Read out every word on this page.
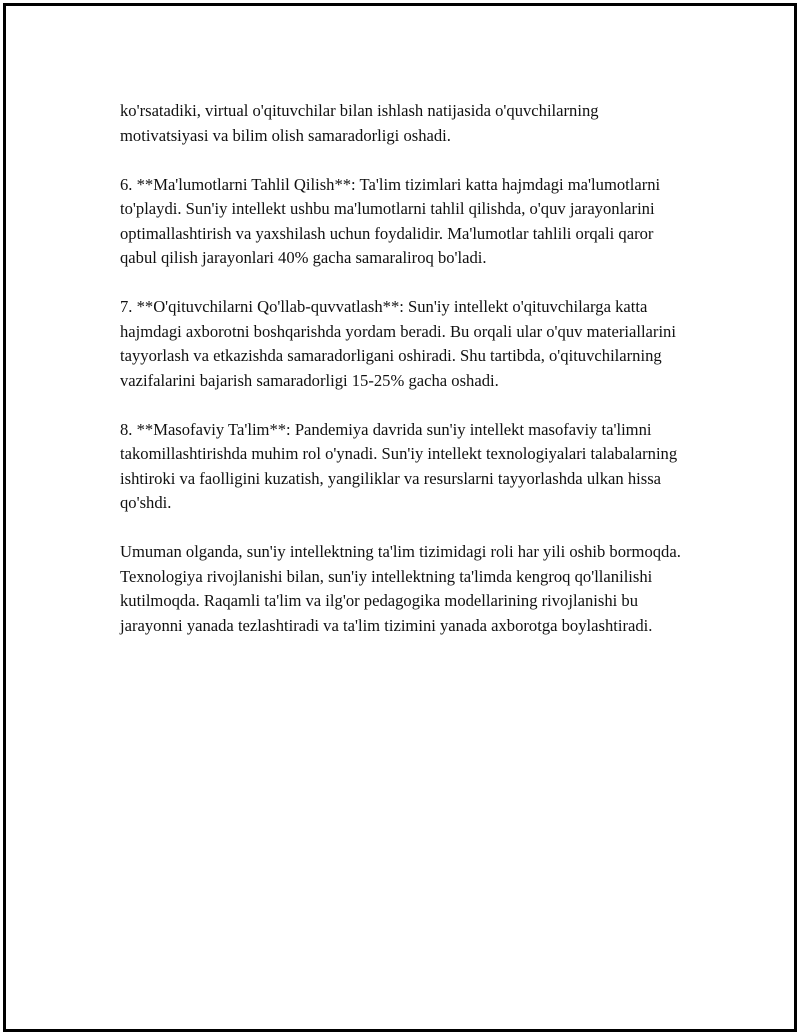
ko'rsatadiki, virtual o'qituvchilar bilan ishlash natijasida o'quvchilarning motivatsiyasi va bilim olish samaradorligi oshadi.

6. **Ma'lumotlarni Tahlil Qilish**: Ta'lim tizimlari katta hajmdagi ma'lumotlarni to'playdi. Sun'iy intellekt ushbu ma'lumotlarni tahlil qilishda, o'quv jarayonlarini optimallashtirish va yaxshilash uchun foydalidir. Ma'lumotlar tahlili orqali qaror qabul qilish jarayonlari 40% gacha samaraliroq bo'ladi.

7. **O'qituvchilarni Qo'llab-quvvatlash**: Sun'iy intellekt o'qituvchilarga katta hajmdagi axborotni boshqarishda yordam beradi. Bu orqali ular o'quv materiallarini tayyorlash va etkazishda samaradorligani oshiradi. Shu tartibda, o'qituvchilarning vazifalarini bajarish samaradorligi 15-25% gacha oshadi.

8. **Masofaviy Ta'lim**: Pandemiya davrida sun'iy intellekt masofaviy ta'limni takomillashtirishda muhim rol o'ynadi. Sun'iy intellekt texnologiyalari talabalarning ishtiroki va faolligini kuzatish, yangiliklar va resurslarni tayyorlashda ulkan hissa qo'shdi.

Umuman olganda, sun'iy intellektning ta'lim tizimidagi roli har yili oshib bormoqda. Texnologiya rivojlanishi bilan, sun'iy intellektning ta'limda kengroq qo'llanilishi kutilmoqda. Raqamli ta'lim va ilg'or pedagogika modellarining rivojlanishi bu jarayonni yanada tezlashtiradi va ta'lim tizimini yanada axborotga boylashtiradi.
